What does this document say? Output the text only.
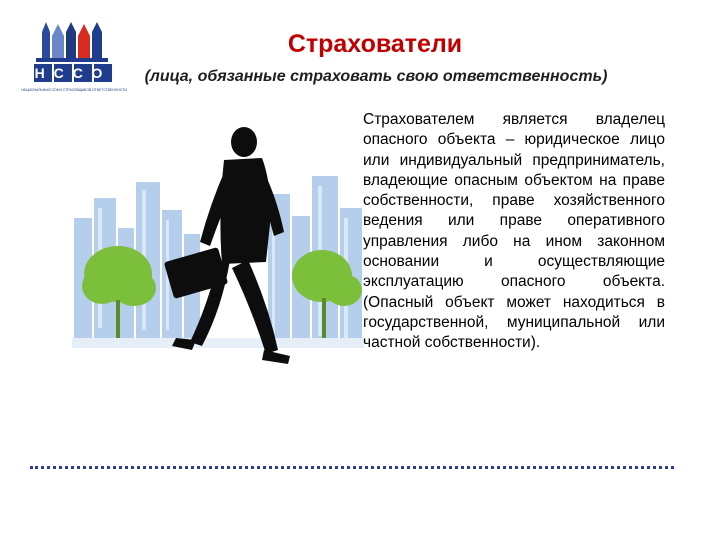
НССО
НАЦИОНАЛЬНЫЙ СОЮЗ СТРАХОВЩИКОВ ОТВЕТСТВЕННОСТИ
Страхователи
(лица, обязанные страховать свою ответственность)
Страхователем является владелец опасного объекта – юридическое лицо или индивидуальный предприниматель, владеющие опасным объектом на праве собственности, праве хозяйственного ведения или праве оперативного управления либо на ином законном основании и осуществляющие эксплуатацию опасного объекта. (Опасный объект может находиться в государственной, муниципальной или частной собственности).
